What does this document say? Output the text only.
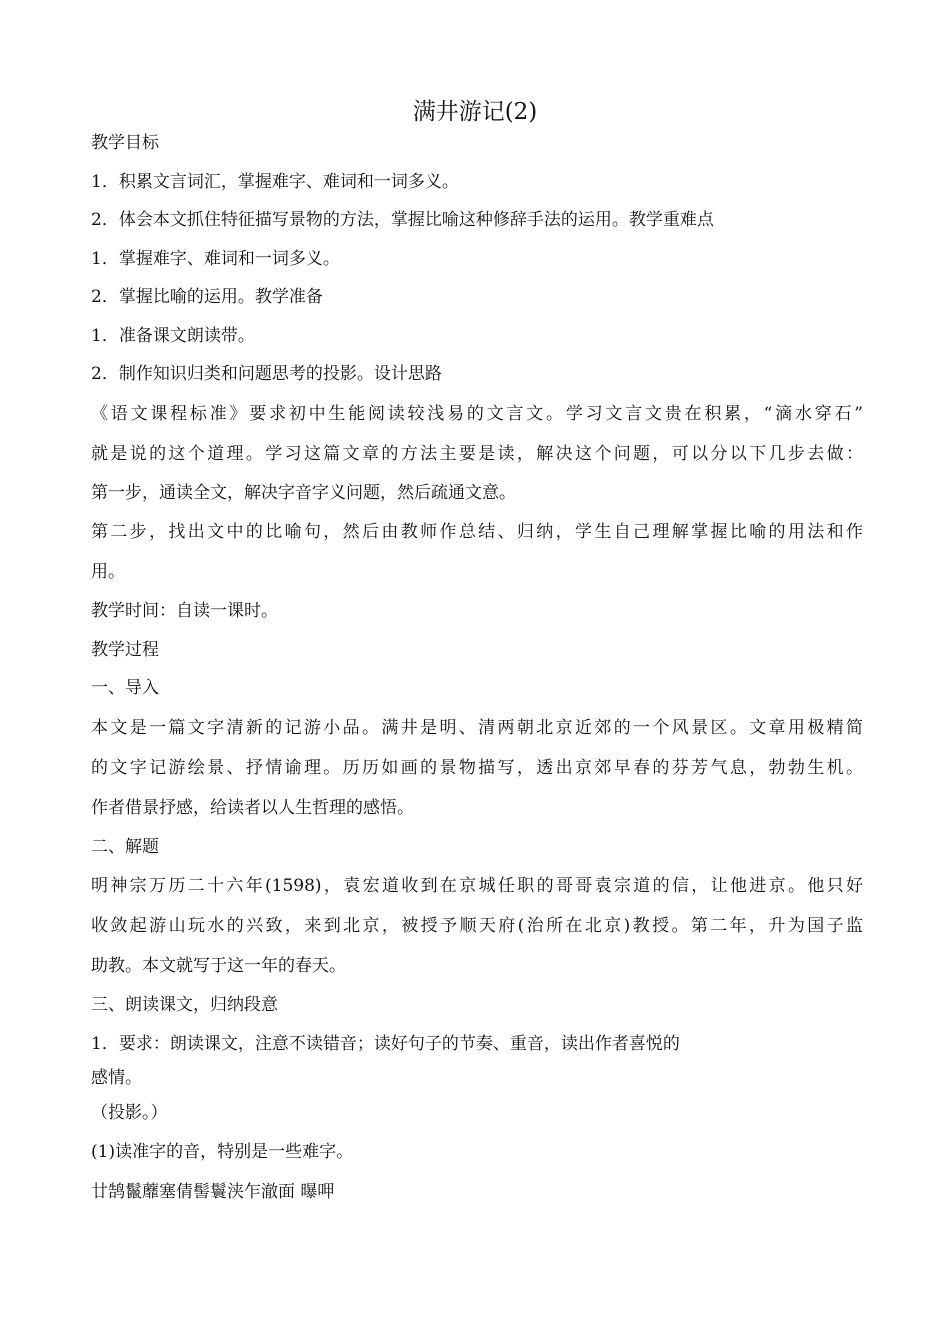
满井游记(2)
教学目标
1．积累文言词汇，掌握难字、难词和一词多义。
2．体会本文抓住特征描写景物的方法，掌握比喻这种修辞手法的运用。教学重难点
1．掌握难字、难词和一词多义。
2．掌握比喻的运用。教学准备
1．准备课文朗读带。
2．制作知识归类和问题思考的投影。设计思路
《语文课程标准》要求初中生能阅读较浅易的文言文。学习文言文贵在积累，“滴水穿石”
就是说的这个道理。学习这篇文章的方法主要是读，解决这个问题，可以分以下几步去做：
第一步，通读全文，解决字音字义问题，然后疏通文意。
第二步，找出文中的比喻句，然后由教师作总结、归纳，学生自己理解掌握比喻的用法和作
用。
教学时间：自读一课时。
教学过程
一、导入
本文是一篇文字清新的记游小品。满井是明、清两朝北京近郊的一个风景区。文章用极精简
的文字记游绘景、抒情谕理。历历如画的景物描写，透出京郊早春的芬芳气息，勃勃生机。
作者借景抒感，给读者以人生哲理的感悟。
二、解题
明神宗万历二十六年(1598)，袁宏道收到在京城任职的哥哥袁宗道的信，让他进京。他只好
收敛起游山玩水的兴致，来到北京，被授予顺天府(治所在北京)教授。第二年，升为国子监
助教。本文就写于这一年的春天。
三、朗读课文，归纳段意
1．要求：朗读课文，注意不读错音；读好句子的节奏、重音，读出作者喜悦的
感情。
（投影。）
(1)读准字的音，特别是一些难字。
廿鹄鬣蘼塞倩髻鬟浃乍澈面 曝呷
